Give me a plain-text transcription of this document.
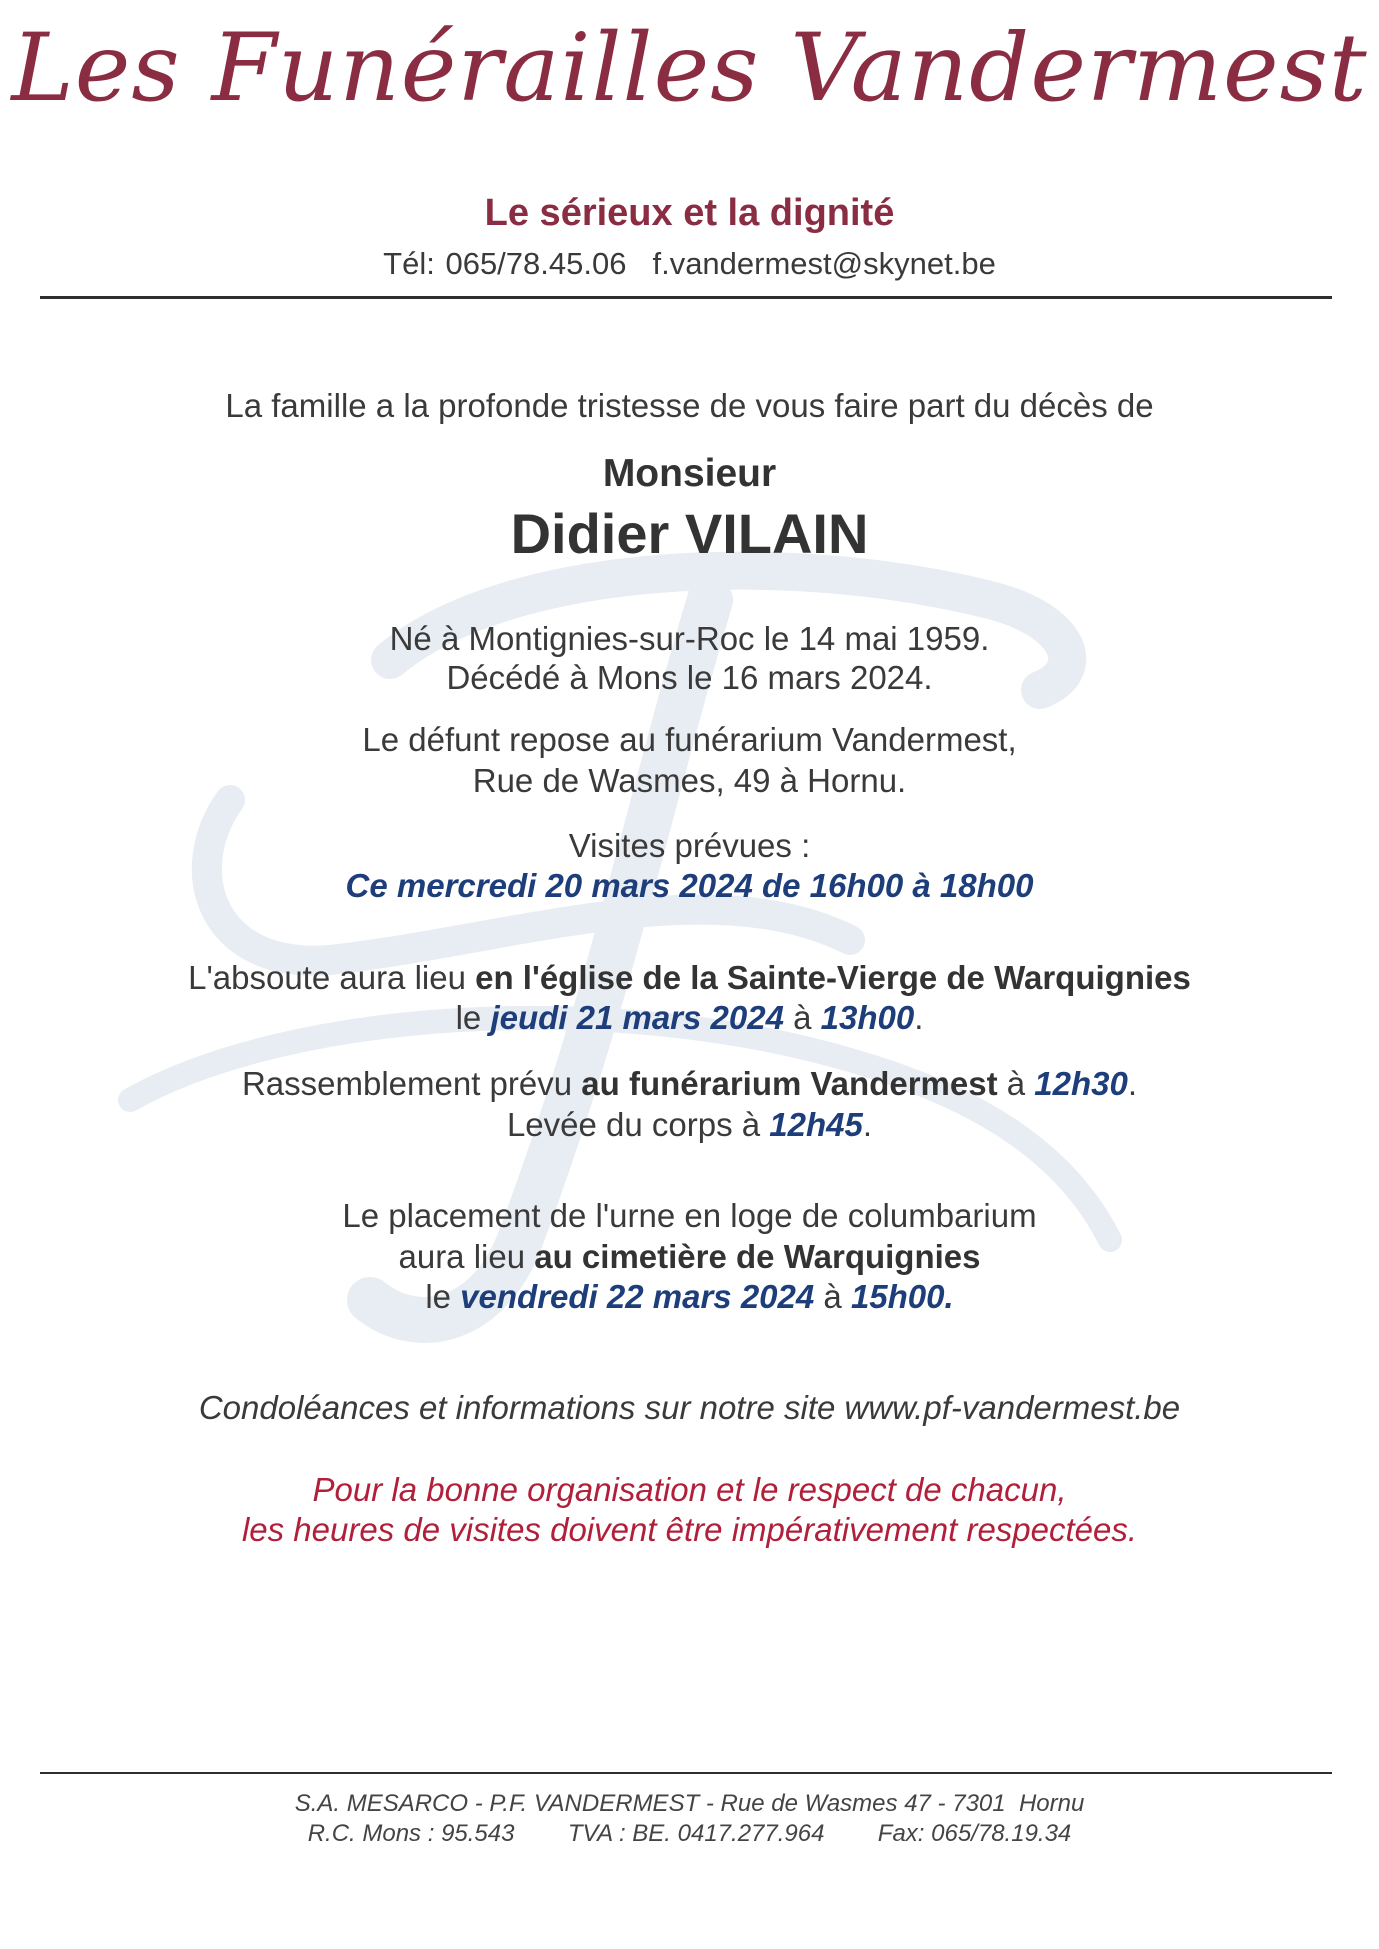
Les Funérailles Vandermest
Le sérieux et la dignité
Tél: 065/78.45.06 f.vandermest@skynet.be
La famille a la profonde tristesse de vous faire part du décès de
Monsieur
Didier VILAIN
Né à Montignies-sur-Roc le 14 mai 1959.
Décédé à Mons le 16 mars 2024.
Le défunt repose au funérarium Vandermest,
Rue de Wasmes, 49 à Hornu.
Visites prévues :
Ce mercredi 20 mars 2024 de 16h00 à 18h00
L'absoute aura lieu en l'église de la Sainte-Vierge de Warquignies
le jeudi 21 mars 2024 à 13h00.
Rassemblement prévu au funérarium Vandermest à 12h30.
Levée du corps à 12h45.
Le placement de l'urne en loge de columbarium
aura lieu au cimetière de Warquignies
le vendredi 22 mars 2024 à 15h00.
Condoléances et informations sur notre site www.pf-vandermest.be
Pour la bonne organisation et le respect de chacun,
les heures de visites doivent être impérativement respectées.
S.A. MESARCO - P.F. VANDERMEST - Rue de Wasmes 47 - 7301  Hornu
R.C. Mons : 95.543 TVA : BE. 0417.277.964 Fax: 065/78.19.34
